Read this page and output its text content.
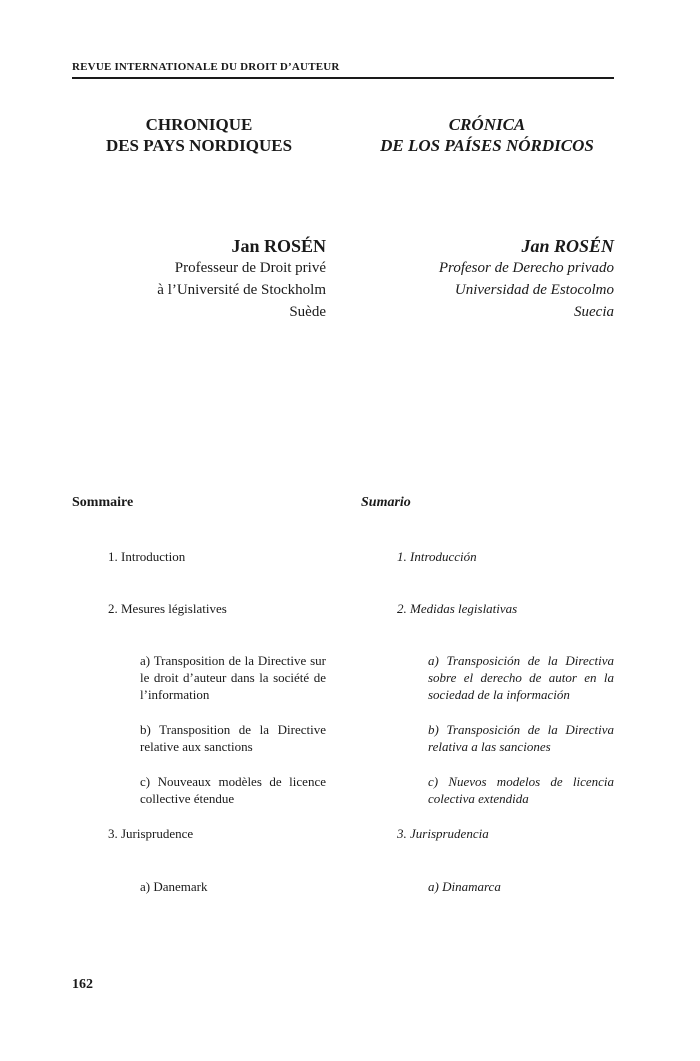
REVUE INTERNATIONALE DU DROIT D’AUTEUR
CHRONIQUE
DES PAYS NORDIQUES
CRÓNICA
DE LOS PAÍSES NÓRDICOS
Jan ROSÉN
Professeur de Droit privé
à l’Université de Stockholm
Suède
Jan ROSÉN
Profesor de Derecho privado
Universidad de Estocolmo
Suecia
Sommaire	Sumario
1. Introduction
2. Mesures législatives
a) Transposition de la Directive sur le droit d’auteur dans la société de l’information
b) Transposition de la Directive relative aux sanctions
c) Nouveaux modèles de licence collective étendue
3. Jurisprudence
a) Danemark
1. Introducción
2. Medidas legislativas
a) Transposición de la Directiva sobre el derecho de autor en la sociedad de la información
b) Transposición de la Directiva relativa a las sanciones
c) Nuevos modelos de licencia colectiva extendida
3. Jurisprudencia
a) Dinamarca
162
